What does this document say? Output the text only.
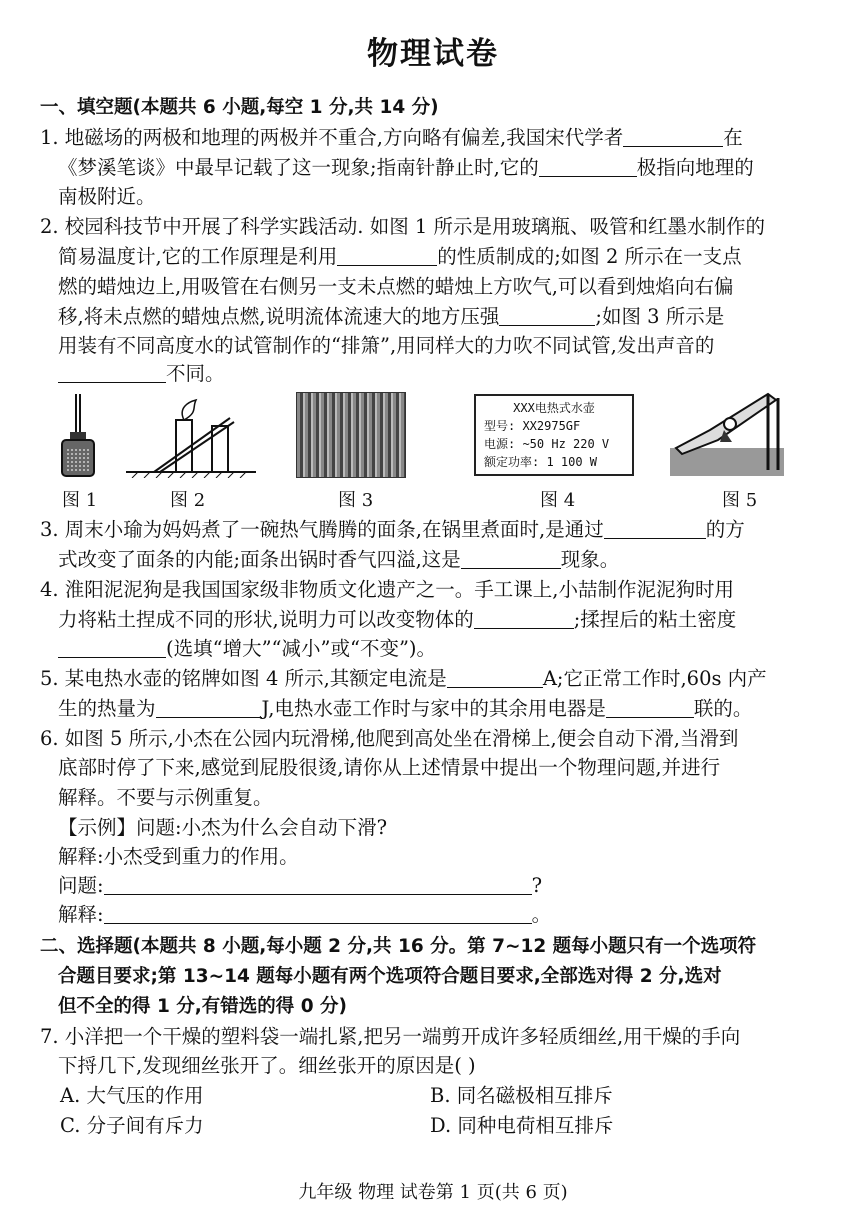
物理试卷
一、填空题(本题共 6 小题,每空 1 分,共 14 分)
1. 地磁场的两极和地理的两极并不重合,方向略有偏差,我国宋代学者	在
《梦溪笔谈》中最早记载了这一现象;指南针静止时,它的	极指向地理的
南极附近。
2. 校园科技节中开展了科学实践活动. 如图 1 所示是用玻璃瓶、吸管和红墨水制作的
简易温度计,它的工作原理是利用	的性质制成的;如图 2 所示在一支点
燃的蜡烛边上,用吸管在右侧另一支未点燃的蜡烛上方吹气,可以看到烛焰向右偏
移,将未点燃的蜡烛点燃,说明流体流速大的地方压强	;如图 3 所示是
用装有不同高度水的试管制作的“排箫”,用同样大的力吹不同试管,发出声音的
不同。
XXX电热式水壶
型号: XX2975GF
电源: ~50 Hz 220 V
额定功率: 1 100 W
图 1	图 2	图 3	图 4	图 5
3. 周末小瑜为妈妈煮了一碗热气腾腾的面条,在锅里煮面时,是通过	的方
式改变了面条的内能;面条出锅时香气四溢,这是	现象。
4. 淮阳泥泥狗是我国国家级非物质文化遗产之一。手工课上,小喆制作泥泥狗时用
力将粘土捏成不同的形状,说明力可以改变物体的	;揉捏后的粘土密度
(选填“增大”“减小”或“不变”)。
5. 某电热水壶的铭牌如图 4 所示,其额定电流是	A;它正常工作时,60s 内产
生的热量为	J,电热水壶工作时与家中的其余用电器是	联的。
6. 如图 5 所示,小杰在公园内玩滑梯,他爬到高处坐在滑梯上,便会自动下滑,当滑到
底部时停了下来,感觉到屁股很烫,请你从上述情景中提出一个物理问题,并进行
解释。不要与示例重复。
【示例】问题:小杰为什么会自动下滑?
解释:小杰受到重力的作用。
问题:	?
解释:	。
二、选择题(本题共 8 小题,每小题 2 分,共 16 分。第 7~12 题每小题只有一个选项符
合题目要求;第 13~14 题每小题有两个选项符合题目要求,全部选对得 2 分,选对
但不全的得 1 分,有错选的得 0 分)
7. 小洋把一个干燥的塑料袋一端扎紧,把另一端剪开成许多轻质细丝,用干燥的手向
下捋几下,发现细丝张开了。细丝张开的原因是( )
A. 大气压的作用	B. 同名磁极相互排斥
C. 分子间有斥力	D. 同种电荷相互排斥
九年级 物理 试卷第 1 页(共 6 页)
